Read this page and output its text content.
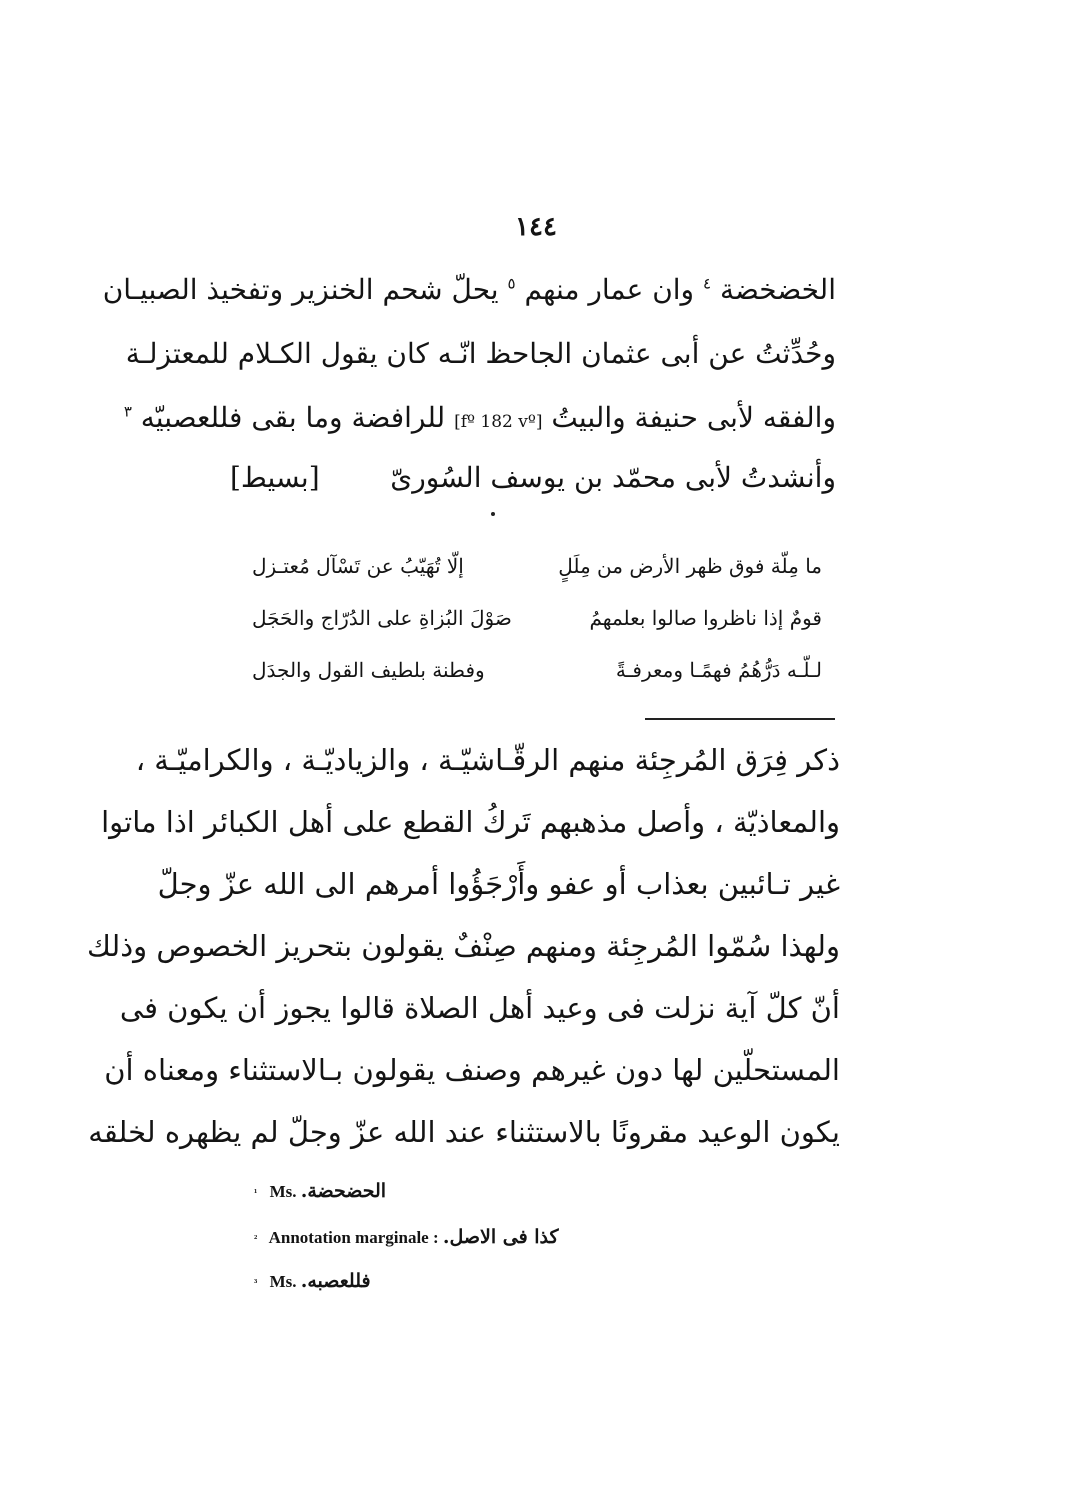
١٤٤
الخضخضة $^٤$ وان عمار منهم $^٥$ يحلّ شحم الخنزير وتفخيذ الصبيـان
وحُدِّثتُ عن أبى عثمان الجاحظ انّـه كان يقول الكـلام للمعتزلـة
والفقه لأبى حنيفة والبيتُ [fº 182 vº] للرافضة وما بقى فللعصبيّه $^٣$
وأنشدتُ لأبى محمّد بن يوسف السُورىّ
[بسيط]
ما مِلّة فوق ظهر الأرض من مِلَلٍ
إلّا تُهَيّبُ عن تَسْآل مُعتـزل
قومٌ إذا ناظروا صالوا بعلمهمُ
صَوْلَ البُزاةِ على الدُرّاج والحَجَل
لـلّـه دَرُّهُمُ فهمًـا ومعرفـةً
وفطنة بلطيف القول والجدَل
ذكر فِرَق المُرجِئة منهم الرقّـاشيّـة ، والزياديّـة ، والكراميّـة ،
والمعاذيّة ، وأصل مذهبهم تَركُ القطع على أهل الكبائر اذا ماتوا
غير تـائبين بعذاب أو عفو وأَرْجَؤُوا أمرهم الى الله عزّ وجلّ
ولهذا سُمّوا المُرجِئة ومنهم صِنْفٌ يقولون بتحريز الخصوص وذلك
أنّ كلّ آية نزلت فى وعيد أهل الصلاة قالوا يجوز أن يكون فى
المستحلّين لها دون غيرهم وصنف يقولون بـالاستثناء ومعناه أن
يكون الوعيد مقرونًا بالاستثناء عند الله عزّ وجلّ لم يظهره لخلقه
¹ Ms. الحضحضة.
² Annotation marginale : كذا فى الاصل.
³ Ms. فللعصبه.
